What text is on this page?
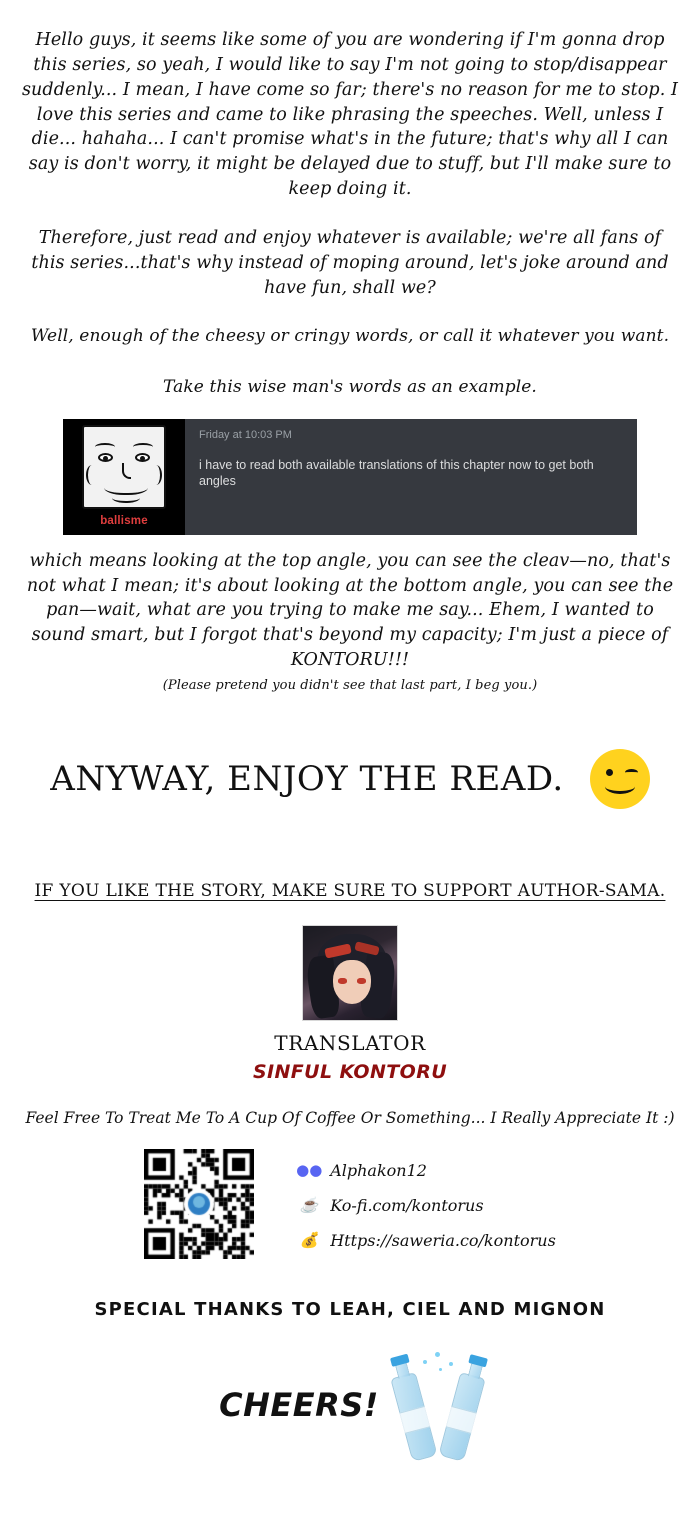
Hello guys, it seems like some of you are wondering if I'm gonna drop this series, so yeah, I would like to say I'm not going to stop/disappear suddenly... I mean, I have come so far; there's no reason for me to stop. I love this series and came to like phrasing the speeches. Well, unless I die... hahaha... I can't promise what's in the future; that's why all I can say is don't worry, it might be delayed due to stuff, but I'll make sure to keep doing it.

Therefore, just read and enjoy whatever is available; we're all fans of this series...that's why instead of moping around, let's joke around and have fun, shall we?

Well, enough of the cheesy or cringy words, or call it whatever you want.

Take this wise man's words as an example.

ballisme
Friday at 10:03 PM
i have to read both available translations of this chapter now to get both angles

which means looking at the top angle, you can see the cleav—no, that's not what I mean; it's about looking at the bottom angle, you can see the pan—wait, what are you trying to make me say... Ehem, I wanted to sound smart, but I forgot that's beyond my capacity; I'm just a piece of KONTORU!!!

(Please pretend you didn't see that last part, I beg you.)

ANYWAY, ENJOY THE READ.
IF YOU LIKE THE STORY, MAKE SURE TO SUPPORT AUTHOR-SAMA.
TRANSLATOR
SINFUL KONTORU
Feel Free To Treat Me To A Cup Of Coffee Or Something... I Really Appreciate It :)
●● Alphakon12
☕ Ko-fi.com/kontorus
💰 Https://saweria.co/kontorus
SPECIAL THANKS TO LEAH, CIEL AND MIGNON
CHEERS!
